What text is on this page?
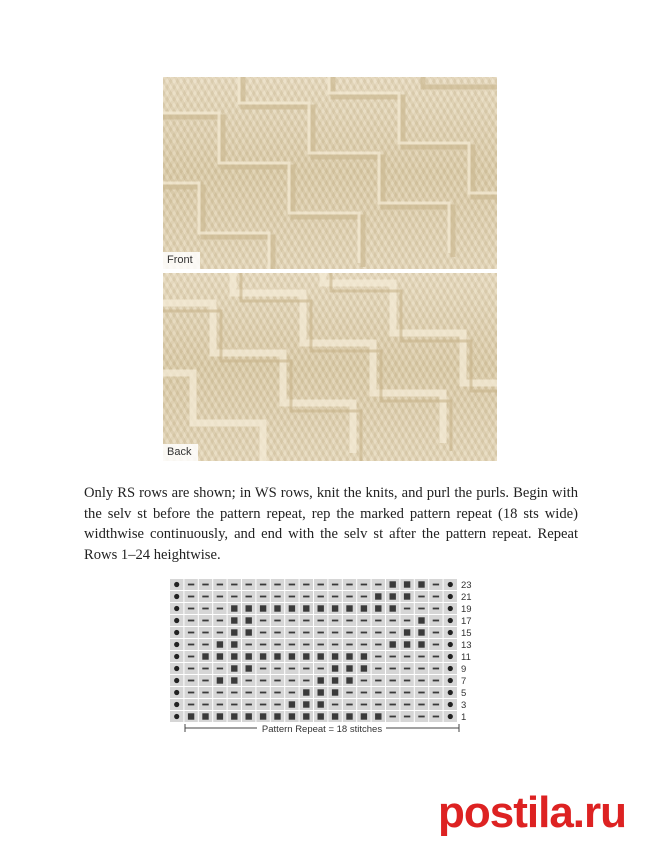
Front
Back

Only RS rows are shown; in WS rows, knit the knits, and purl the purls. Begin with the selv st before the pattern repeat, rep the marked pattern repeat (18 sts wide) widthwise continuously, and end with the selv st after the pattern repeat. Repeat Rows 1–24 heightwise.

23
21
19
17
15
13
11
9
7
5
3
1
Pattern Repeat = 18 stitches
postila.ru
